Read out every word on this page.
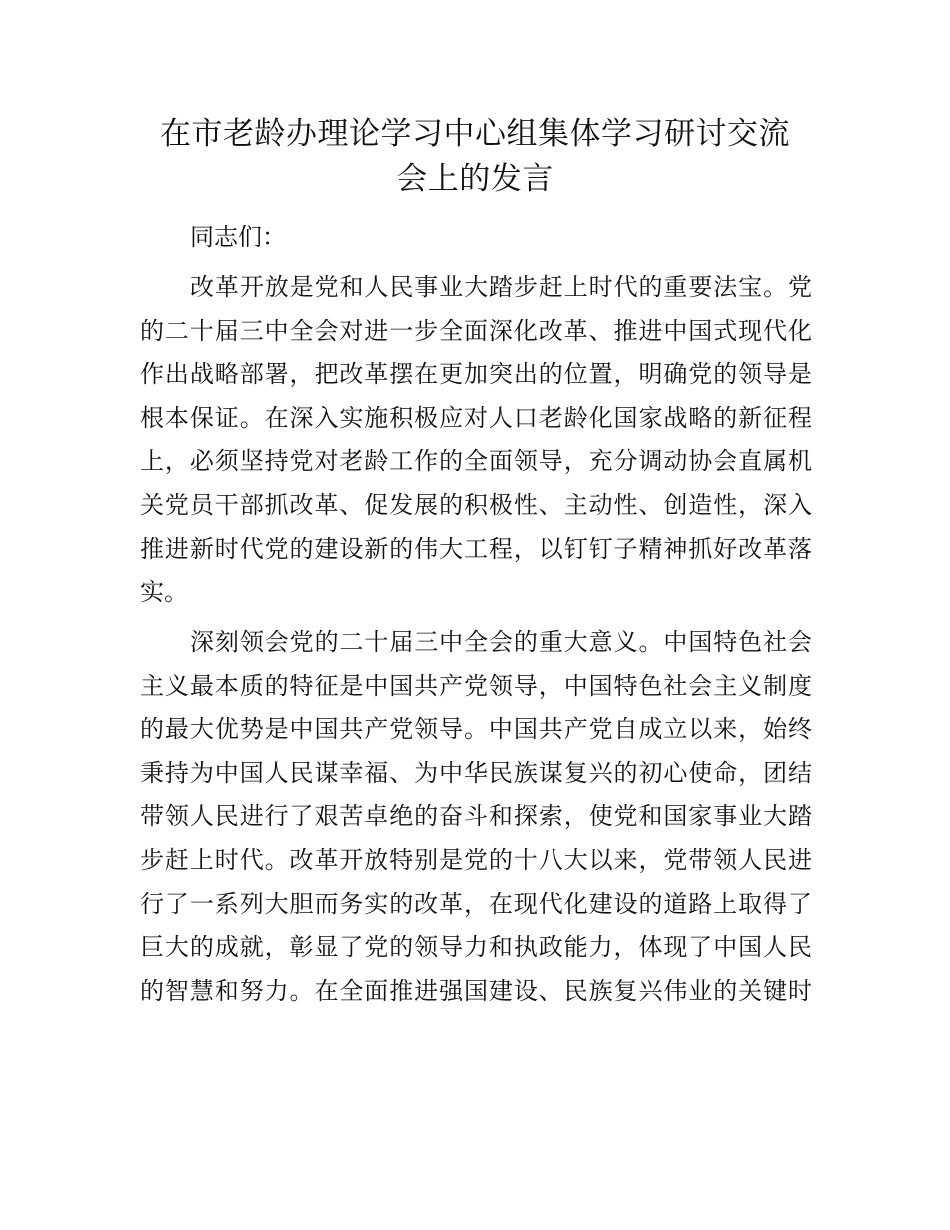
在市老龄办理论学习中心组集体学习研讨交流
会上的发言

同志们：

改革开放是党和人民事业大踏步赶上时代的重要法宝。党
的二十届三中全会对进一步全面深化改革、推进中国式现代化
作出战略部署，把改革摆在更加突出的位置，明确党的领导是
根本保证。在深入实施积极应对人口老龄化国家战略的新征程
上，必须坚持党对老龄工作的全面领导，充分调动协会直属机
关党员干部抓改革、促发展的积极性、主动性、创造性，深入
推进新时代党的建设新的伟大工程，以钉钉子精神抓好改革落
实。
深刻领会党的二十届三中全会的重大意义。中国特色社会
主义最本质的特征是中国共产党领导，中国特色社会主义制度
的最大优势是中国共产党领导。中国共产党自成立以来，始终
秉持为中国人民谋幸福、为中华民族谋复兴的初心使命，团结
带领人民进行了艰苦卓绝的奋斗和探索，使党和国家事业大踏
步赶上时代。改革开放特别是党的十八大以来，党带领人民进
行了一系列大胆而务实的改革，在现代化建设的道路上取得了
巨大的成就，彰显了党的领导力和执政能力，体现了中国人民
的智慧和努力。在全面推进强国建设、民族复兴伟业的关键时
